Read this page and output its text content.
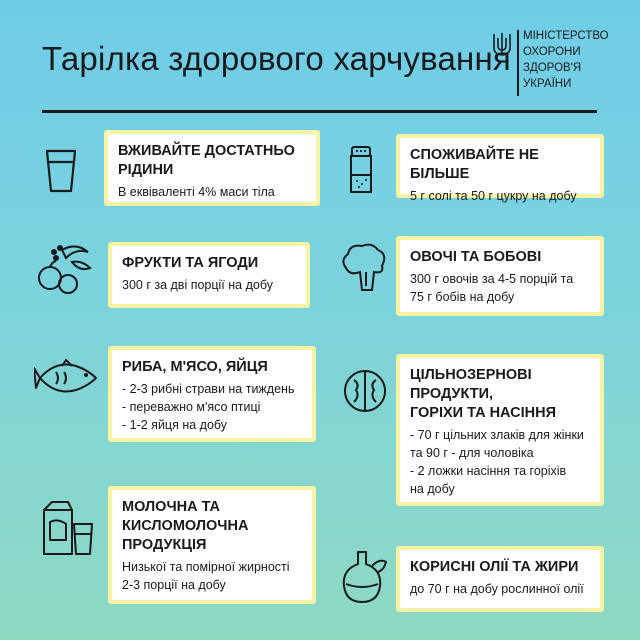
Тарілка здорового харчування
МІНІСТЕРСТВО
ОХОРОНИ
ЗДОРОВ'Я
УКРАЇНИ
ВЖИВАЙТЕ ДОСТАТНЬО
РІДИНИ

В еквіваленті 4% маси тіла

СПОЖИВАЙТЕ НЕ БІЛЬШЕ

5 г солі та 50 г цукру на добу

ФРУКТИ ТА ЯГОДИ

300 г за дві порції на добу

ОВОЧІ ТА БОБОВІ

300 г овочів за 4-5 порцій та

75 г бобів на добу

РИБА, М'ЯСО, ЯЙЦЯ

- 2-3 рибні страви на тиждень

- переважно м'ясо птиці

- 1-2 яйця на добу

ЦІЛЬНОЗЕРНОВІ
ПРОДУКТИ,
ГОРІХИ ТА НАСІННЯ

- 70 г цільних злаків для жінки

та 90 г - для чоловіка

- 2 ложки насіння та горіхів

на добу

МОЛОЧНА ТА
КИСЛОМОЛОЧНА
ПРОДУКЦІЯ

Низької та помірної жирності

2-3 порції на добу

КОРИСНІ ОЛІЇ ТА ЖИРИ

до 70 г на добу рослинної олії
